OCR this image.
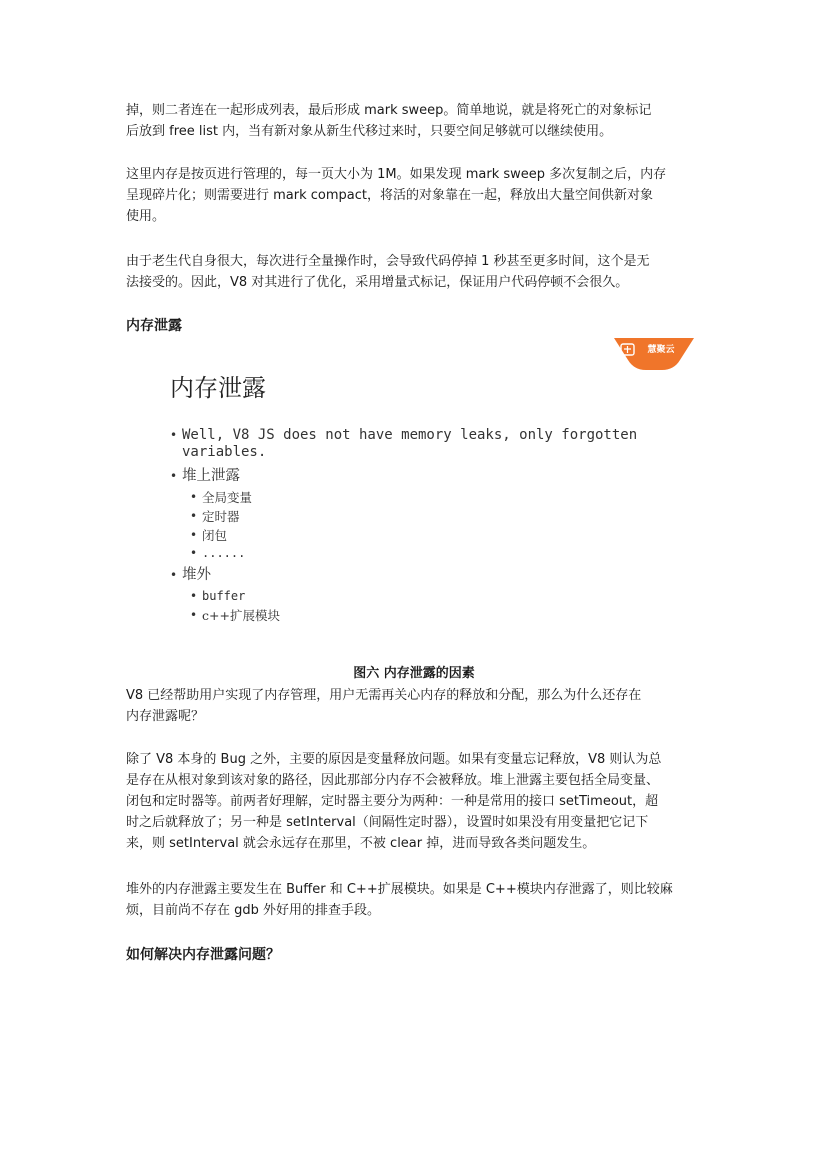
掉，则二者连在一起形成列表，最后形成 mark sweep。简单地说，就是将死亡的对象标记
后放到 free list 内，当有新对象从新生代移过来时，只要空间足够就可以继续使用。

这里内存是按页进行管理的，每一页大小为 1M。如果发现 mark sweep 多次复制之后，内存
呈现碎片化；则需要进行 mark compact，将活的对象靠在一起，释放出大量空间供新对象
使用。

由于老生代自身很大，每次进行全量操作时，会导致代码停掉 1 秒甚至更多时间，这个是无
法接受的。因此，V8 对其进行了优化，采用增量式标记，保证用户代码停顿不会很久。

内存泄露
慧聚云
内存泄露
• Well, V8 JS does not have memory leaks, only forgotten

variables.

• 堆上泄露

• 全局变量

• 定时器

• 闭包

• ......

• 堆外

• buffer

• c++扩展模块

图六 内存泄露的因素

V8 已经帮助用户实现了内存管理，用户无需再关心内存的释放和分配，那么为什么还存在
内存泄露呢？

除了 V8 本身的 Bug 之外，主要的原因是变量释放问题。如果有变量忘记释放，V8 则认为总
是存在从根对象到该对象的路径，因此那部分内存不会被释放。堆上泄露主要包括全局变量、
闭包和定时器等。前两者好理解，定时器主要分为两种：一种是常用的接口 setTimeout，超
时之后就释放了；另一种是 setInterval（间隔性定时器），设置时如果没有用变量把它记下
来，则 setInterval 就会永远存在那里，不被 clear 掉，进而导致各类问题发生。

堆外的内存泄露主要发生在 Buffer 和 C++扩展模块。如果是 C++模块内存泄露了，则比较麻
烦，目前尚不存在 gdb 外好用的排查手段。

如何解决内存泄露问题？
